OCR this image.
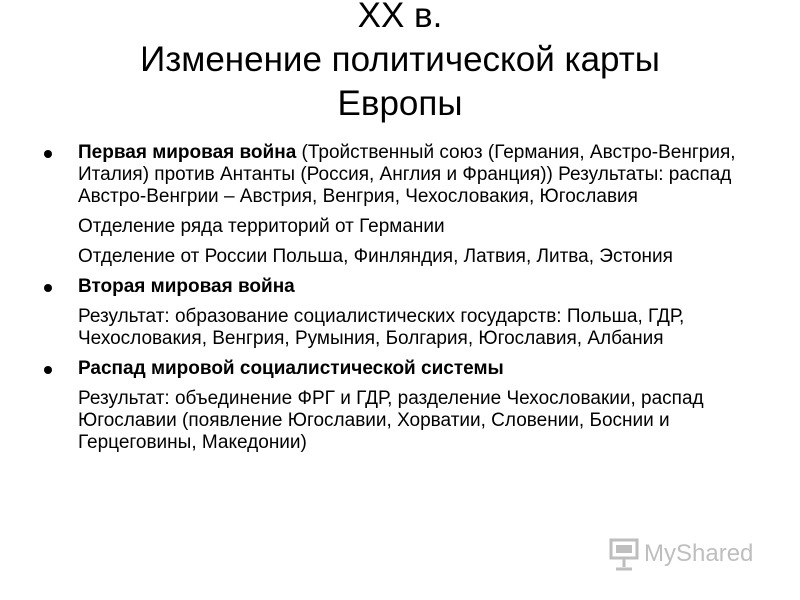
XX в.
Изменение политической карты
Европы
Первая мировая война (Тройственный союз (Германия, Австро-Венгрия, Италия) против Антанты (Россия, Англия и Франция)) Результаты: распад Австро-Венгрии – Австрия, Венгрия, Чехословакия, Югославия
Отделение ряда территорий от Германии
Отделение от России Польша, Финляндия, Латвия, Литва, Эстония
Вторая мировая война
Результат: образование социалистических государств: Польша, ГДР, Чехословакия, Венгрия, Румыния, Болгария, Югославия, Албания
Распад мировой социалистической системы
Результат: объединение ФРГ и ГДР, разделение Чехословакии, распад Югославии (появление Югославии, Хорватии, Словении, Боснии и Герцеговины, Македонии)
MyShared
